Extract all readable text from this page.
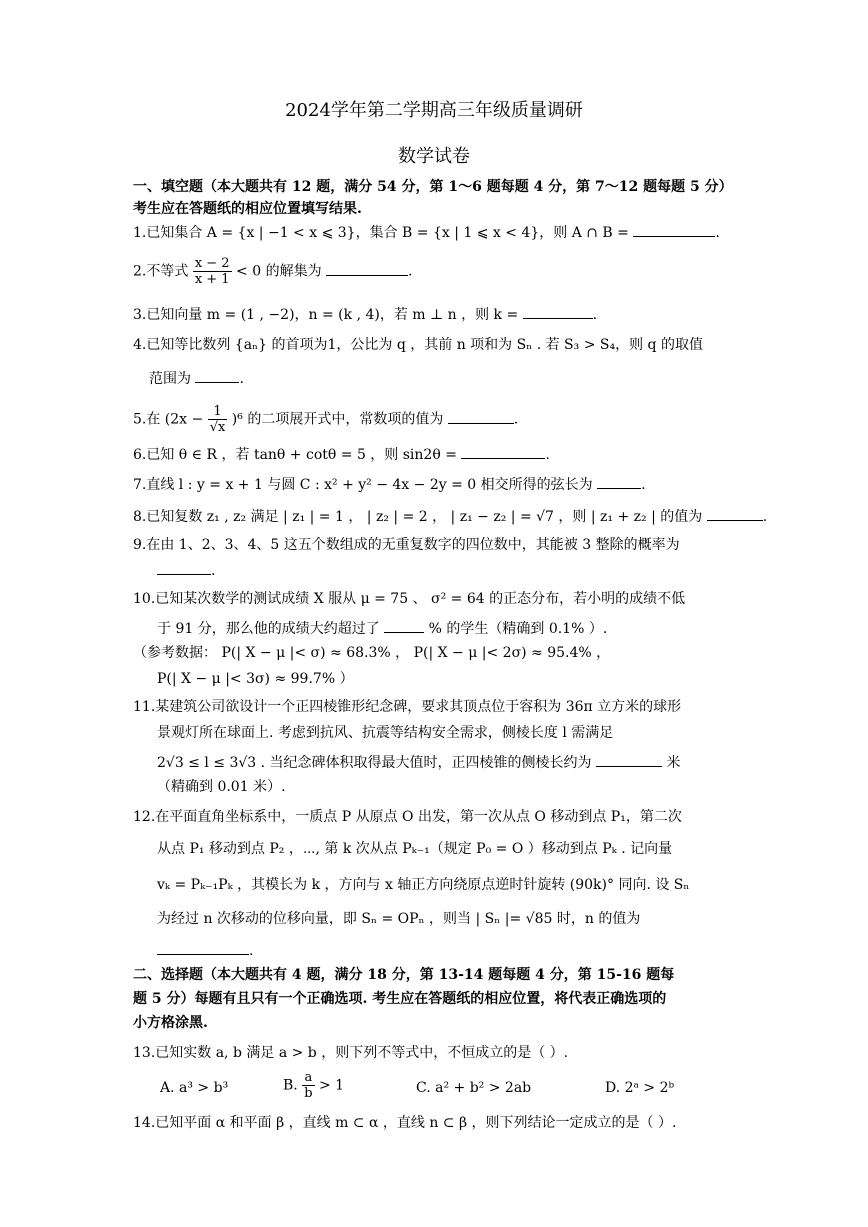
2024学年第二学期高三年级质量调研
数学试卷
一、填空题（本大题共有 12 题，满分 54 分，第 1～6 题每题 4 分，第 7～12 题每题 5 分）
考生应在答题纸的相应位置填写结果.
1.已知集合 A = {x | −1 < x ⩽ 3}，集合 B = {x | 1 ⩽ x < 4}，则 A ∩ B =	.
2.不等式 $\frac{x - 2}{x + 1} < 0$ 的解集为	.
3.已知向量 m = (1 , −2)，n = (k , 4)，若 m ⊥ n ，则 k =	.
4.已知等比数列 {aₙ} 的首项为1，公比为 q ，其前 n 项和为 Sₙ . 若 S₃ > S₄，则 q 的取值
范围为	.
5.在 $(2x - \frac{1}{√x} )^6$ 的二项展开式中，常数项的值为	.
6.已知 θ ∈ R ，若 tanθ + cotθ = 5 ，则 sin2θ =	.
7.直线 l : y = x + 1 与圆 C : x² + y² − 4x − 2y = 0 相交所得的弦长为	.
8.已知复数 z₁ , z₂ 满足 | z₁ | = 1 ， | z₂ | = 2 ， | z₁ − z₂ | = √7 ，则 | z₁ + z₂ | 的值为	.
9.在由 1、2、3、4、5 这五个数组成的无重复数字的四位数中，其能被 3 整除的概率为
.
10.已知某次数学的测试成绩 X 服从 μ = 75 、 σ² = 64 的正态分布，若小明的成绩不低
于 91 分，那么他的成绩大约超过了	% 的学生（精确到 0.1% ）.
（参考数据： P(| X − μ |< σ) ≈ 68.3% ， P(| X − μ |< 2σ) ≈ 95.4% ，
P(| X − μ |< 3σ) ≈ 99.7% ）
11.某建筑公司欲设计一个正四棱锥形纪念碑，要求其顶点位于容积为 36π 立方米的球形
景观灯所在球面上. 考虑到抗风、抗震等结构安全需求，侧棱长度 l 需满足
2√3 ≤ l ≤ 3√3 . 当纪念碑体积取得最大值时，正四棱锥的侧棱长约为	米
（精确到 0.01 米）.
12.在平面直角坐标系中，一质点 P 从原点 O 出发，第一次从点 O 移动到点 P₁，第二次
从点 P₁ 移动到点 P₂ ，⋯, 第 k 次从点 Pₖ₋₁（规定 P₀ = O ）移动到点 Pₖ . 记向量
vₖ = Pₖ₋₁Pₖ ，其模长为 k ，方向与 x 轴正方向绕原点逆时针旋转 (90k)° 同向. 设 Sₙ
为经过 n 次移动的位移向量，即 Sₙ = OPₙ ，则当 | Sₙ |= √85 时，n 的值为
.
二、选择题（本大题共有 4 题，满分 18 分，第 13-14 题每题 4 分，第 15-16 题每
题 5 分）每题有且只有一个正确选项. 考生应在答题纸的相应位置，将代表正确选项的
小方格涂黑.
13.已知实数 a, b 满足 a > b ，则下列不等式中，不恒成立的是（ ）.
A. a³ > b³	B. $\frac{a}{b} > 1$	C. a² + b² > 2ab	D. 2ᵃ > 2ᵇ
14.已知平面 α 和平面 β ，直线 m ⊂ α ，直线 n ⊂ β ，则下列结论一定成立的是（ ）.
